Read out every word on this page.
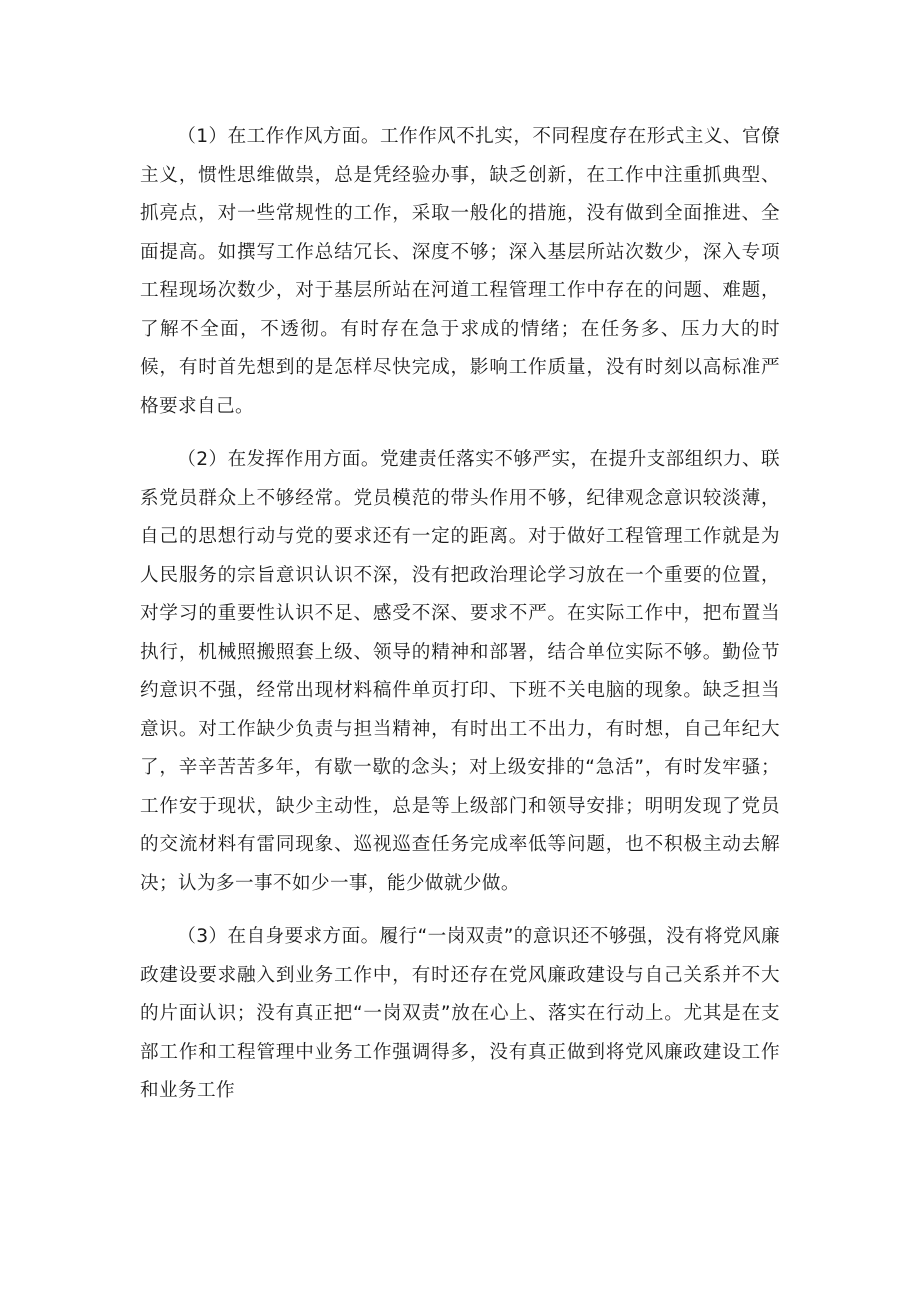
（1）在工作作风方面。工作作风不扎实，不同程度存在形式主义、官僚主义，惯性思维做祟，总是凭经验办事，缺乏创新，在工作中注重抓典型、抓亮点，对一些常规性的工作，采取一般化的措施，没有做到全面推进、全面提高。如撰写工作总结冗长、深度不够；深入基层所站次数少，深入专项工程现场次数少，对于基层所站在河道工程管理工作中存在的问题、难题，了解不全面，不透彻。有时存在急于求成的情绪；在任务多、压力大的时候，有时首先想到的是怎样尽快完成，影响工作质量，没有时刻以高标准严格要求自己。

（2）在发挥作用方面。党建责任落实不够严实，在提升支部组织力、联系党员群众上不够经常。党员模范的带头作用不够，纪律观念意识较淡薄，自己的思想行动与党的要求还有一定的距离。对于做好工程管理工作就是为人民服务的宗旨意识认识不深，没有把政治理论学习放在一个重要的位置，对学习的重要性认识不足、感受不深、要求不严。在实际工作中，把布置当执行，机械照搬照套上级、领导的精神和部署，结合单位实际不够。勤俭节约意识不强，经常出现材料稿件单页打印、下班不关电脑的现象。缺乏担当意识。对工作缺少负责与担当精神，有时出工不出力，有时想，自己年纪大了，辛辛苦苦多年，有歇一歇的念头；对上级安排的“急活”，有时发牢骚；工作安于现状，缺少主动性，总是等上级部门和领导安排；明明发现了党员的交流材料有雷同现象、巡视巡查任务完成率低等问题，也不积极主动去解决；认为多一事不如少一事，能少做就少做。

（3）在自身要求方面。履行“一岗双责”的意识还不够强，没有将党风廉政建设要求融入到业务工作中，有时还存在党风廉政建设与自己关系并不大的片面认识；没有真正把“一岗双责”放在心上、落实在行动上。尤其是在支部工作和工程管理中业务工作强调得多，没有真正做到将党风廉政建设工作和业务工作
